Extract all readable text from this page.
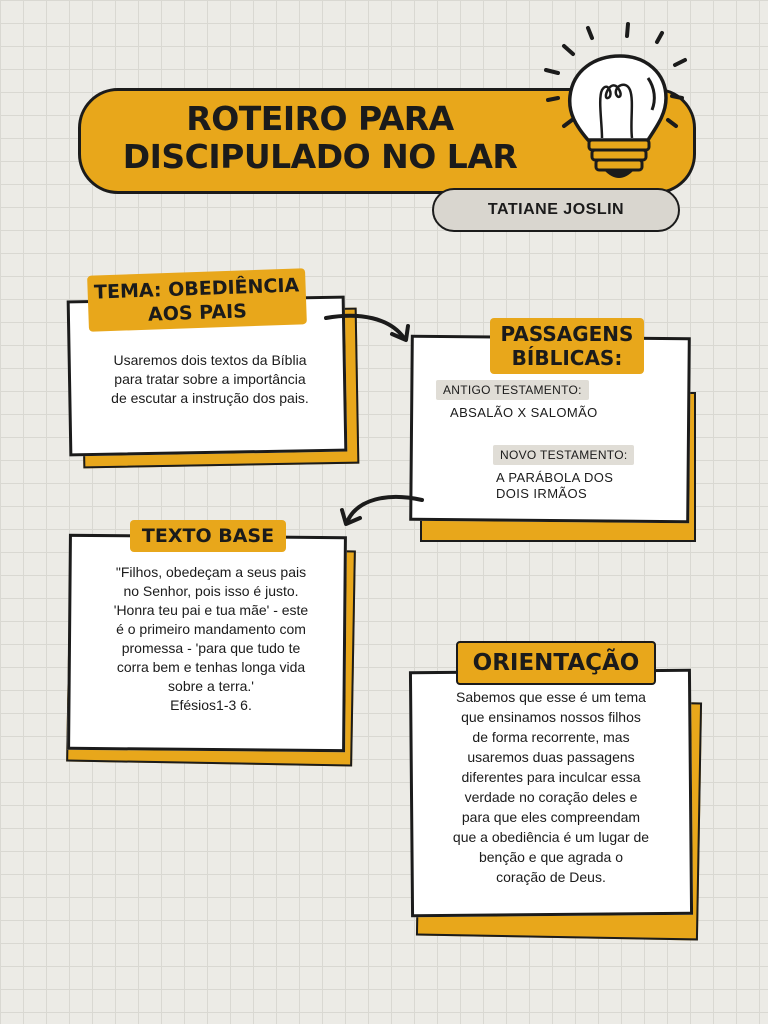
ROTEIRO PARA
DISCIPULADO NO LAR
TATIANE JOSLIN
TEMA: OBEDIÊNCIA
AOS PAIS
Usaremos dois textos da Bíblia
para tratar sobre a importância
de escutar a instrução dos pais.
PASSAGENS
BÍBLICAS:
ANTIGO TESTAMENTO:
ABSALÃO X SALOMÃO
NOVO TESTAMENTO:
A PARÁBOLA DOS
DOIS IRMÃOS
TEXTO BASE
"Filhos, obedeçam a seus pais
no Senhor, pois isso é justo.
'Honra teu pai e tua mãe' - este
é o primeiro mandamento com
promessa - 'para que tudo te
corra bem e tenhas longa vida
sobre a terra.'
Efésios1-3 6.
ORIENTAÇÃO
Sabemos que esse é um tema
que ensinamos nossos filhos
de forma recorrente, mas
usaremos duas passagens
diferentes para inculcar essa
verdade no coração deles e
para que eles compreendam
que a obediência é um lugar de
benção e que agrada o
coração de Deus.
